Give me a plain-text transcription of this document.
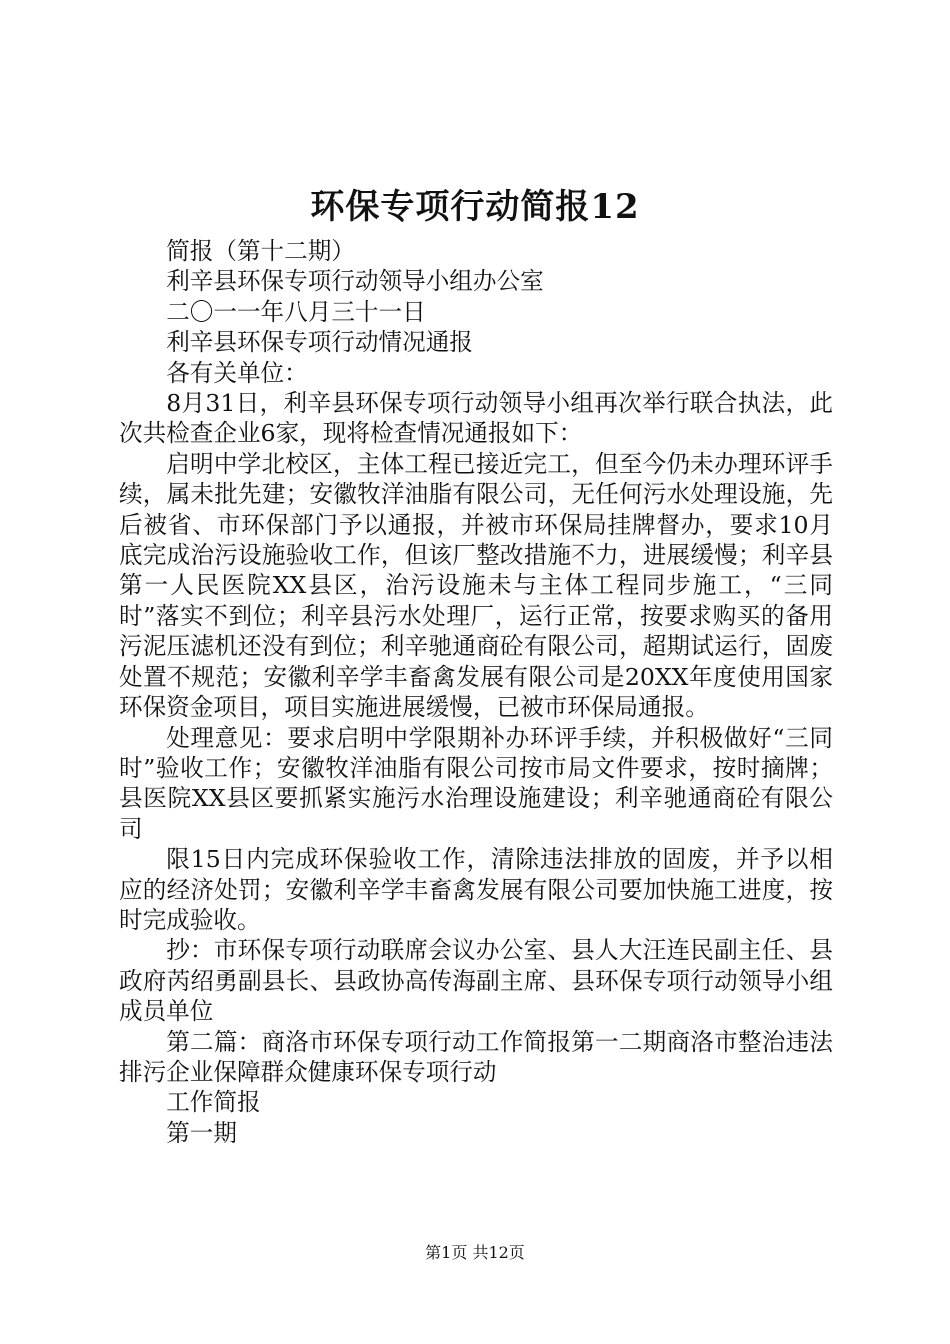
环保专项行动简报12

简报（第十二期）

利辛县环保专项行动领导小组办公室

二〇一一年八月三十一日

利辛县环保专项行动情况通报

各有关单位：

8月31日，利辛县环保专项行动领导小组再次举行联合执法，此次共检查企业6家，现将检查情况通报如下：

启明中学北校区，主体工程已接近完工，但至今仍未办理环评手续，属未批先建；安徽牧洋油脂有限公司，无任何污水处理设施，先后被省、市环保部门予以通报，并被市环保局挂牌督办，要求10月底完成治污设施验收工作，但该厂整改措施不力，进展缓慢；利辛县第一人民医院XX县区，治污设施未与主体工程同步施工，“三同时”落实不到位；利辛县污水处理厂，运行正常，按要求购买的备用污泥压滤机还没有到位；利辛驰通商砼有限公司，超期试运行，固废处置不规范；安徽利辛学丰畜禽发展有限公司是20XX年度使用国家环保资金项目，项目实施进展缓慢，已被市环保局通报。

处理意见：要求启明中学限期补办环评手续，并积极做好“三同时”验收工作；安徽牧洋油脂有限公司按市局文件要求，按时摘牌；县医院XX县区要抓紧实施污水治理设施建设；利辛驰通商砼有限公司

限15日内完成环保验收工作，清除违法排放的固废，并予以相应的经济处罚；安徽利辛学丰畜禽发展有限公司要加快施工进度，按时完成验收。

抄：市环保专项行动联席会议办公室、县人大汪连民副主任、县政府芮绍勇副县长、县政协高传海副主席、县环保专项行动领导小组成员单位

第二篇：商洛市环保专项行动工作简报第一二期商洛市整治违法排污企业保障群众健康环保专项行动

工作简报

第一期

第1页 共12页
